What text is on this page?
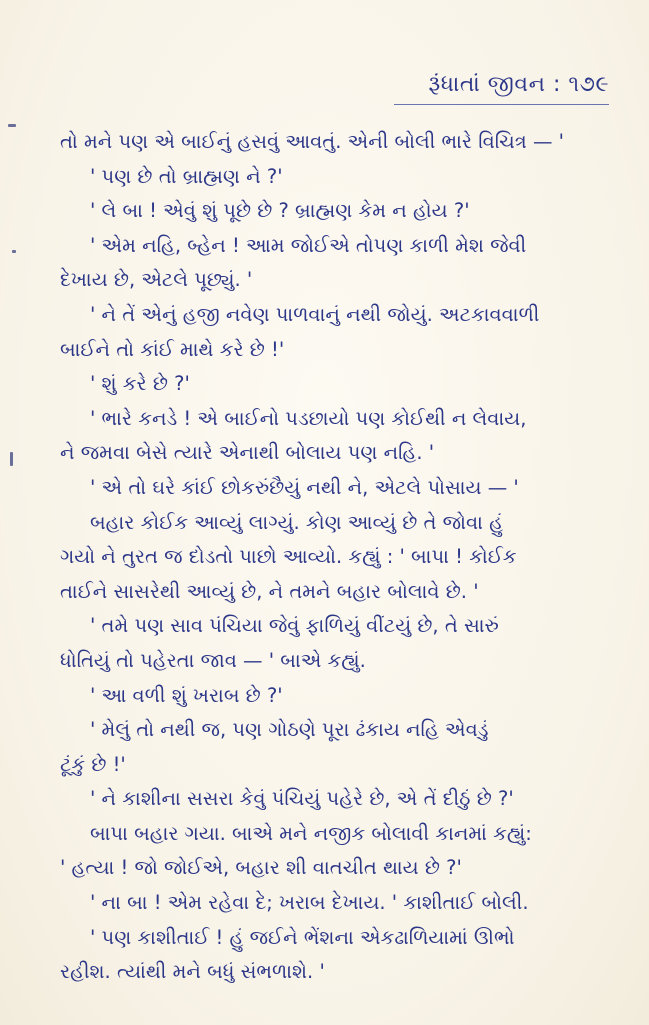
રૂંધાતાં જીવન : ૧૭૯
તો મને પણ એ બાઈનું હસવું આવતું. એની બોલી ભારે વિચિત્ર — '
' પણ છે તો બ્રાહ્મણ ને ?'
' લે બા ! એવું શું પૂછે છે ? બ્રાહ્મણ કેમ ન હોય ?'
' એમ નહિ, બ્હેન ! આમ જોઈએ તોપણ કાળી મેશ જેવી
દેખાય છે, એટલે પૂછ્યું. '
' ને તેં એનું હજી નવેણ પાળવાનું નથી જોયું. અટકાવવાળી
બાઈને તો કાંઈ માથે કરે છે !'
' શું કરે છે ?'
' ભારે કનડે ! એ બાઈનો પડછાયો પણ કોઈથી ન લેવાય,
ને જમવા બેસે ત્યારે એનાથી બોલાય પણ નહિ. '
' એ તો ઘરે કાંઈ છોકરુંછૈયું નથી ને, એટલે પોસાય — '
બહાર કોઈક આવ્યું લાગ્યું. કોણ આવ્યું છે તે જોવા હું
ગયો ને તુરત જ દોડતો પાછો આવ્યો. કહ્યું : ' બાપા ! કોઈક
તાઈને સાસરેથી આવ્યું છે, ને તમને બહાર બોલાવે છે. '
' તમે પણ સાવ પંચિયા જેવું ફાળિયું વીંટયું છે, તે સારું
ધોતિયું તો પહેરતા જાવ — ' બાએ કહ્યું.
' આ વળી શું ખરાબ છે ?'
' મેલું તો નથી જ, પણ ગોઠણે પૂરા ઢંકાય નહિ એવડું
ટૂંકું છે !'
' ને કાશીના સસરા કેવું પંચિયું પહેરે છે, એ તેં દીઠું છે ?'
બાપા બહાર ગયા. બાએ મને નજીક બોલાવી કાનમાં કહ્યું:
' હત્યા ! જો જોઈએ, બહાર શી વાતચીત થાય છે ?'
' ના બા ! એમ રહેવા દે; ખરાબ દેખાય. ' કાશીતાઈ બોલી.
' પણ કાશીતાઈ ! હું જઈને ભેંશના એકઢાળિયામાં ઊભો
રહીશ. ત્યાંથી મને બધું સંભળાશે. '
